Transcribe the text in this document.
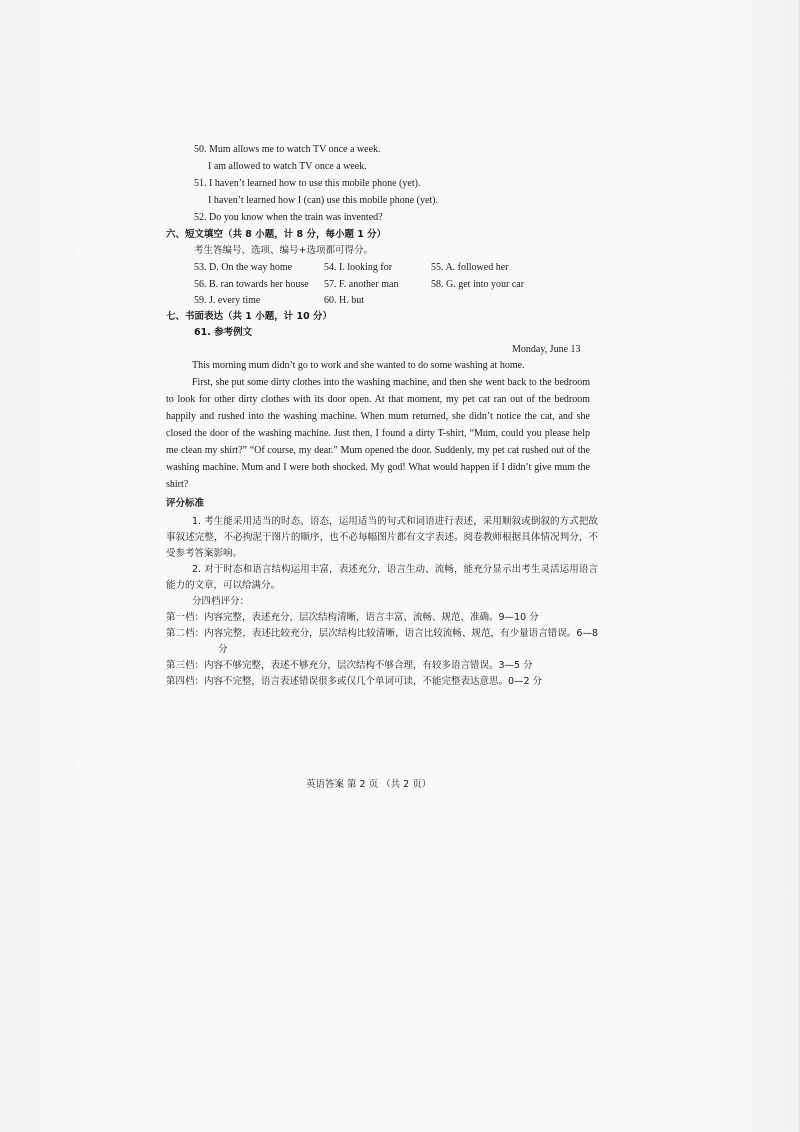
50. Mum allows me to watch TV once a week.
I am allowed to watch TV once a week.
51. I haven’t learned how to use this mobile phone (yet).
I haven’t learned how I (can) use this mobile phone (yet).
52. Do you know when the train was invented?
六、短文填空（共 8 小题，计 8 分，每小题 1 分）
考生答编号、选项、编号+选项都可得分。
53. D. On the way home	54. I. looking for	55. A. followed her
56. B. ran towards her house 57. F. another man	58. G. get into your car
59. J. every time	60. H. but
七、书面表达（共 1 小题，计 10 分）
61. 参考例文
Monday, June 13

This morning mum didn’t go to work and she wanted to do some washing at home.

First, she put some dirty clothes into the washing machine, and then she went back to the bedroom to look for other dirty clothes with its door open. At that moment, my pet cat ran out of the bedroom happily and rushed into the washing machine. When mum returned, she didn’t notice the cat, and she closed the door of the washing machine. Just then, I found a dirty T-shirt, “Mum, could you please help me clean my shirt?” “Of course, my dear.” Mum opened the door. Suddenly, my pet cat rushed out of the washing machine. Mum and I were both shocked. My god! What would happen if I didn’t give mum the shirt?

评分标准

1. 考生能采用适当的时态、语态，运用适当的句式和词语进行表述，采用顺叙或倒叙的方式把故事叙述完整，不必拘泥于图片的顺序，也不必每幅图片都有文字表述。阅卷教师根据具体情况判分，不受参考答案影响。

2. 对于时态和语言结构运用丰富，表述充分，语言生动、流畅，能充分显示出考生灵活运用语言能力的文章，可以给满分。

分四档评分：

第一档：内容完整，表述充分，层次结构清晰，语言丰富、流畅、规范、准确。9—10 分

第二档：内容完整，表述比较充分，层次结构比较清晰，语言比较流畅、规范，有少量语言错误。6—8 分

第三档：内容不够完整，表述不够充分，层次结构不够合理，有较多语言错误。3—5 分

第四档：内容不完整，语言表述错误很多或仅几个单词可读，不能完整表达意思。0—2 分

英语答案 第 2 页 （共 2 页）
